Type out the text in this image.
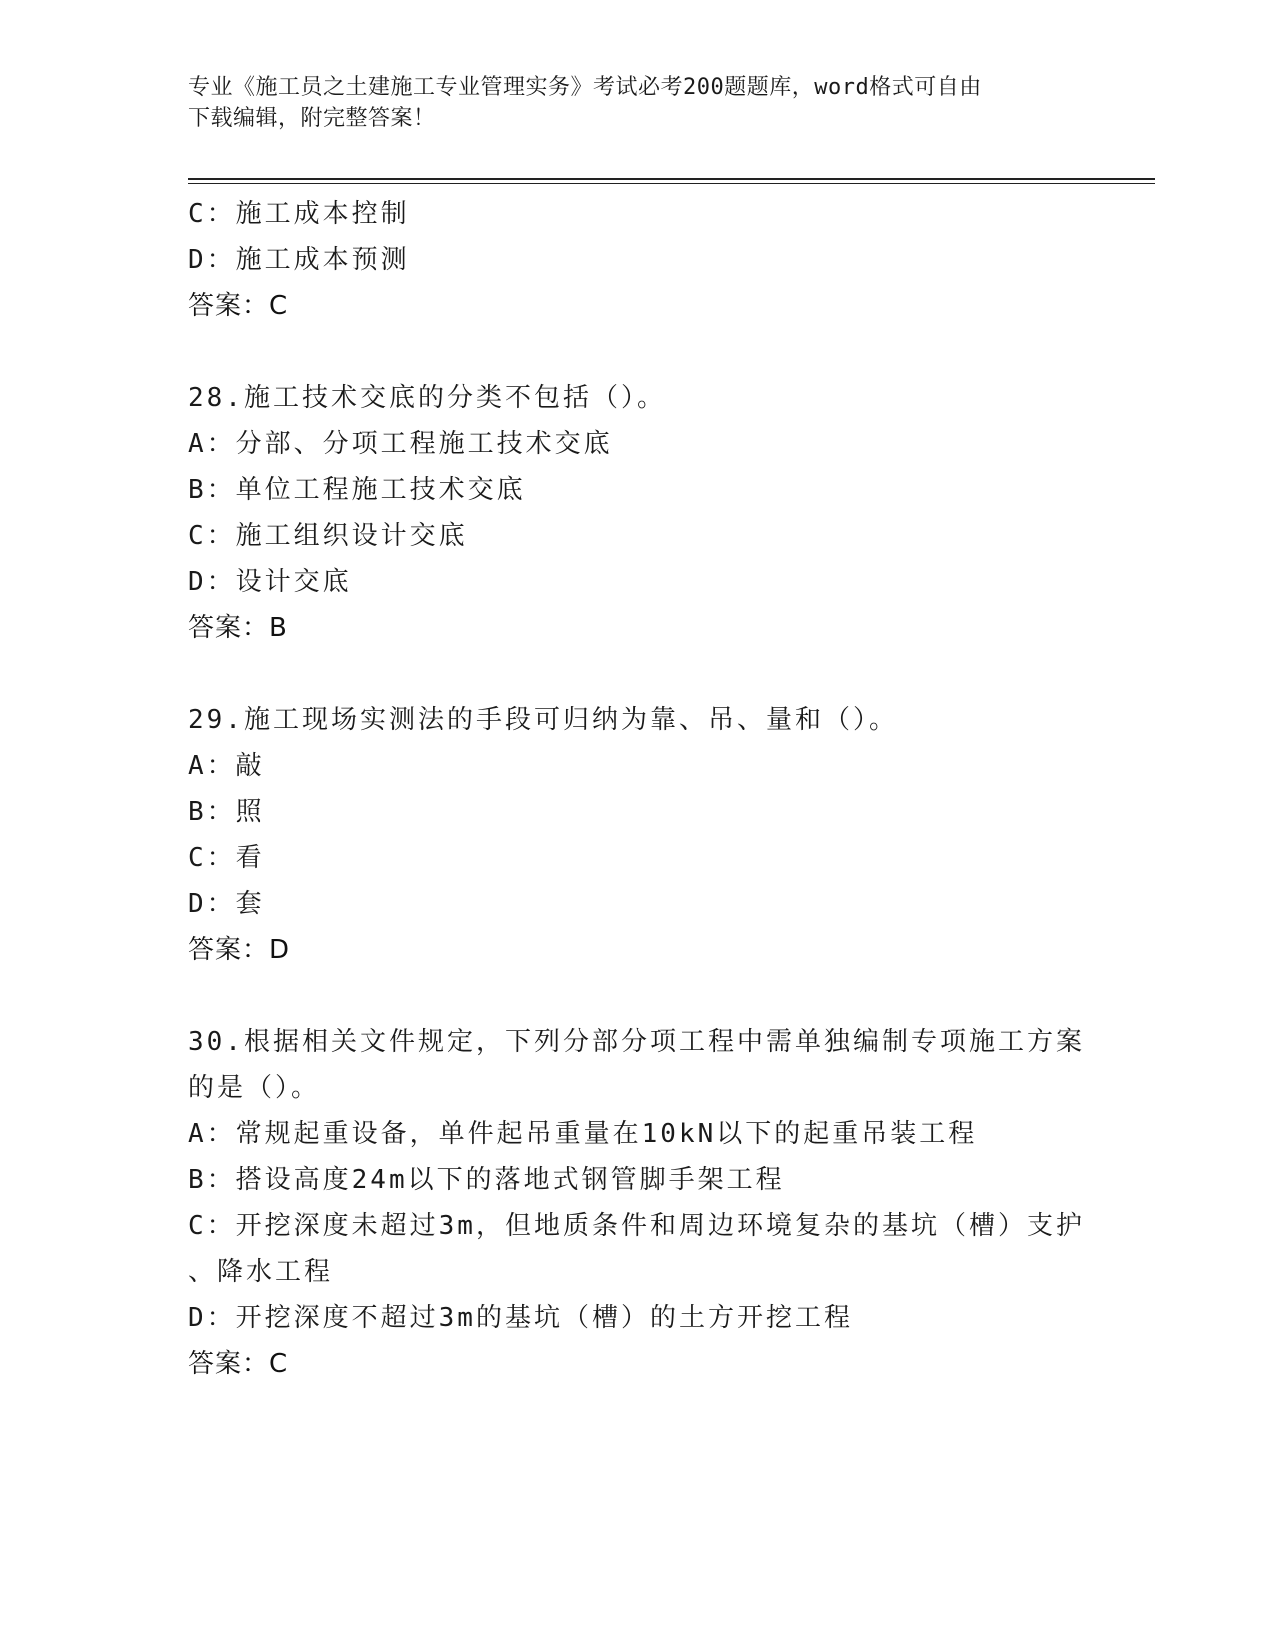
专业《施工员之土建施工专业管理实务》考试必考200题题库，word格式可自由
下载编辑，附完整答案！
C：施工成本控制
D：施工成本预测
答案：C
28.施工技术交底的分类不包括（）。
A：分部、分项工程施工技术交底
B：单位工程施工技术交底
C：施工组织设计交底
D：设计交底
答案：B
29.施工现场实测法的手段可归纳为靠、吊、量和（）。
A：敲
B：照
C：看
D：套
答案：D
30.根据相关文件规定，下列分部分项工程中需单独编制专项施工方案
的是（）。
A：常规起重设备，单件起吊重量在10kN以下的起重吊装工程
B：搭设高度24m以下的落地式钢管脚手架工程
C：开挖深度未超过3m，但地质条件和周边环境复杂的基坑（槽）支护
、降水工程
D：开挖深度不超过3m的基坑（槽）的土方开挖工程
答案：C
